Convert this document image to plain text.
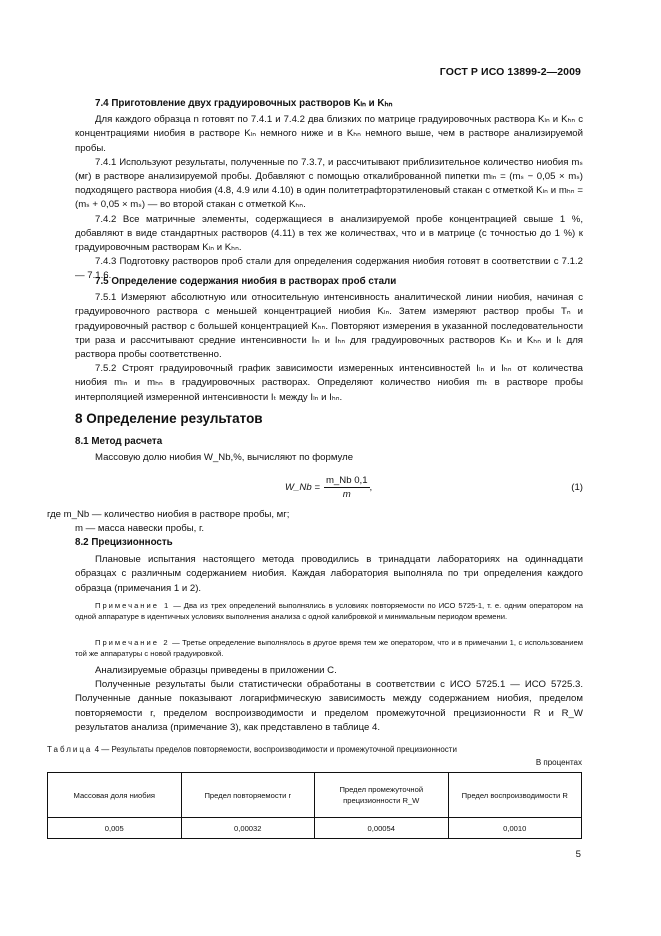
ГОСТ Р ИСО 13899-2—2009

7.4 Приготовление двух градуировочных растворов Kₗₙ и Kₕₙ

Для каждого образца n готовят по 7.4.1 и 7.4.2 два близких по матрице градуировочных раствора Kₗₙ и Kₕₙ с концентрациями ниобия в растворе Kₗₙ немного ниже и в Kₕₙ немного выше, чем в растворе анализируемой пробы.

7.4.1 Используют результаты, полученные по 7.3.7, и рассчитывают приблизительное количество ниобия mₛ (мг) в растворе анализируемой пробы. Добавляют с помощью откалиброванной пипетки mₗₙ = (mₛ − 0,05 × mₛ) подходящего раствора ниобия (4.8, 4.9 или 4.10) в один политетрафторэтиленовый стакан с отметкой Kₗₙ и mₕₙ = (mₛ + 0,05 × mₛ) — во второй стакан с отметкой Kₕₙ.

7.4.2 Все матричные элементы, содержащиеся в анализируемой пробе концентрацией свыше 1 %, добавляют в виде стандартных растворов (4.11) в тех же количествах, что и в матрице (с точностью до 1 %) к градуировочным растворам Kₗₙ и Kₕₙ.

7.4.3 Подготовку растворов проб стали для определения содержания ниобия готовят в соответствии с 7.1.2 — 7.1.6.

7.5 Определение содержания ниобия в растворах проб стали

7.5.1 Измеряют абсолютную или относительную интенсивность аналитической линии ниобия, начиная с градуировочного раствора с меньшей концентрацией ниобия Kₗₙ. Затем измеряют раствор пробы Tₙ и градуировочный раствор с большей концентрацией Kₕₙ. Повторяют измерения в указанной последовательности три раза и рассчитывают средние интенсивности Iₗₙ и Iₕₙ для градуировочных растворов Kₗₙ и Kₕₙ и Iₜ для раствора пробы соответственно.

7.5.2 Строят градуировочный график зависимости измеренных интенсивностей Iₗₙ и Iₕₙ от количества ниобия mₗₙ и mₕₙ в градуировочных растворах. Определяют количество ниобия mₜ в растворе пробы интерполяцией измеренной интенсивности Iₜ между Iₗₙ и Iₕₙ.

8 Определение результатов

8.1 Метод расчета

Массовую долю ниобия W_Nb,%, вычисляют по формуле

W_Nb = $\frac{m\_Nb 0,1}{m}$ ,	(1)

где m_Nb — количество ниобия в растворе пробы, мг;

m — масса навески пробы, г.

8.2 Прецизионность

Плановые испытания настоящего метода проводились в тринадцати лабораториях на одиннадцати образцах с различным содержанием ниобия. Каждая лаборатория выполняла по три определения каждого образца (примечания 1 и 2).

Примечание 1 — Два из трех определений выполнялись в условиях повторяемости по ИСО 5725-1, т. е. одним оператором на одной аппаратуре в идентичных условиях выполнения анализа с одной калибровкой и минимальным периодом времени.

Примечание 2 — Третье определение выполнялось в другое время тем же оператором, что и в примечании 1, с использованием той же аппаратуры с новой градуировкой.

Анализируемые образцы приведены в приложении С.

Полученные результаты были статистически обработаны в соответствии с ИСО 5725.1 — ИСО 5725.3. Полученные данные показывают логарифмическую зависимость между содержанием ниобия, пределом повторяемости r, пределом воспроизводимости и пределом промежуточной прецизионности R и R_W результатов анализа (примечание 3), как представлено в таблице 4.

Таблица 4 — Результаты пределов повторяемости, воспроизводимости и промежуточной прецизионности
В процентах
Массовая доля ниобия	Предел повторяемости r	Предел промежуточной прецизионности R_W	Предел воспроизводимости R
0,005	0,00032	0,00054	0,0010
5
